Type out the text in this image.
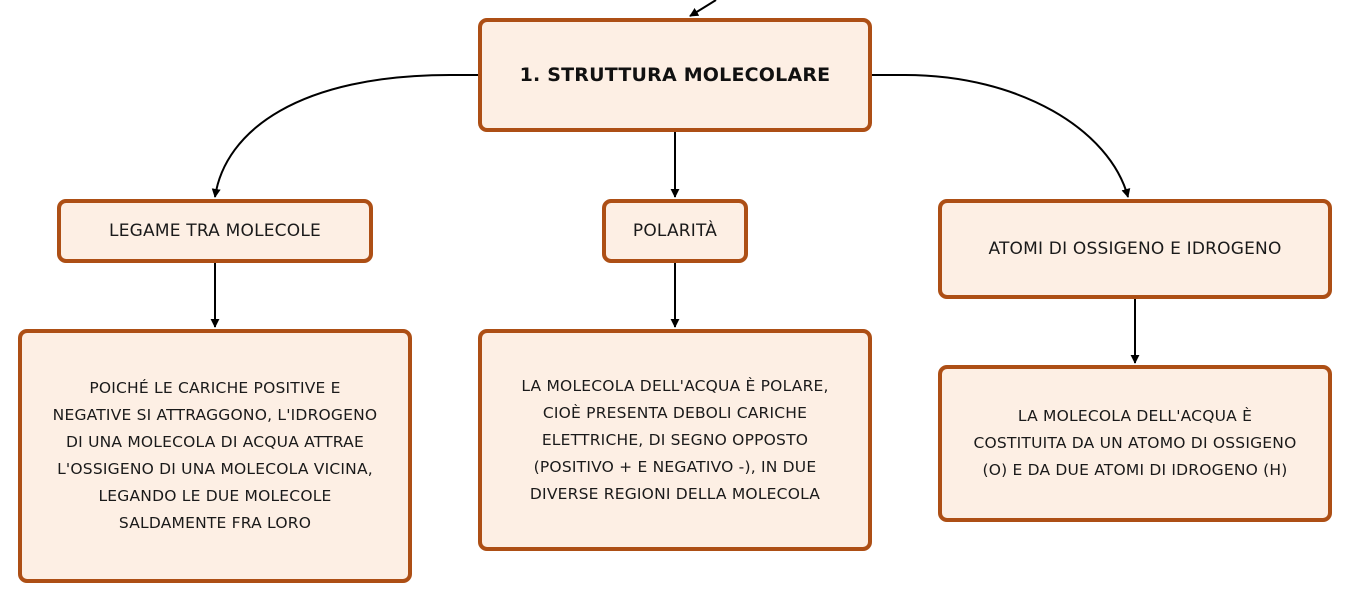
1. STRUTTURA MOLECOLARE
LEGAME TRA MOLECOLE	POLARITÀ
ATOMI DI OSSIGENO E IDROGENO
POICHÉ LE CARICHE POSITIVE E
NEGATIVE SI ATTRAGGONO, L'IDROGENO
DI UNA MOLECOLA DI ACQUA ATTRAE
L'OSSIGENO DI UNA MOLECOLA VICINA,
LEGANDO LE DUE MOLECOLE
SALDAMENTE FRA LORO
LA MOLECOLA DELL'ACQUA È POLARE,
CIOÈ PRESENTA DEBOLI CARICHE
ELETTRICHE, DI SEGNO OPPOSTO
(POSITIVO + E NEGATIVO -), IN DUE
DIVERSE REGIONI DELLA MOLECOLA
LA MOLECOLA DELL'ACQUA È
COSTITUITA DA UN ATOMO DI OSSIGENO
(O) E DA DUE ATOMI DI IDROGENO (H)
